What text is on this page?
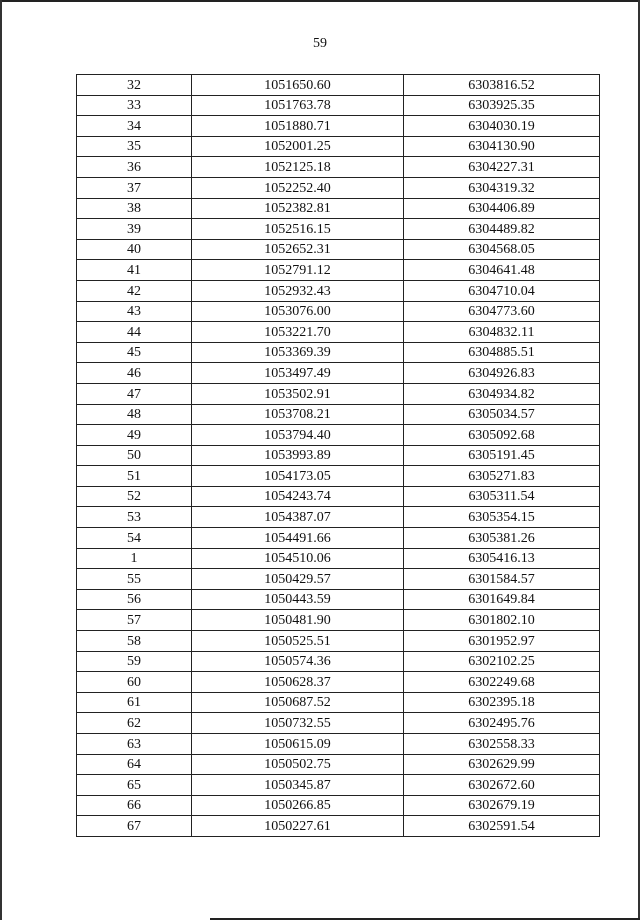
59
32	1051650.60	6303816.52
33	1051763.78	6303925.35
34	1051880.71	6304030.19
35	1052001.25	6304130.90
36	1052125.18	6304227.31
37	1052252.40	6304319.32
38	1052382.81	6304406.89
39	1052516.15	6304489.82
40	1052652.31	6304568.05
41	1052791.12	6304641.48
42	1052932.43	6304710.04
43	1053076.00	6304773.60
44	1053221.70	6304832.11
45	1053369.39	6304885.51
46	1053497.49	6304926.83
47	1053502.91	6304934.82
48	1053708.21	6305034.57
49	1053794.40	6305092.68
50	1053993.89	6305191.45
51	1054173.05	6305271.83
52	1054243.74	6305311.54
53	1054387.07	6305354.15
54	1054491.66	6305381.26
1	1054510.06	6305416.13
55	1050429.57	6301584.57
56	1050443.59	6301649.84
57	1050481.90	6301802.10
58	1050525.51	6301952.97
59	1050574.36	6302102.25
60	1050628.37	6302249.68
61	1050687.52	6302395.18
62	1050732.55	6302495.76
63	1050615.09	6302558.33
64	1050502.75	6302629.99
65	1050345.87	6302672.60
66	1050266.85	6302679.19
67	1050227.61	6302591.54
